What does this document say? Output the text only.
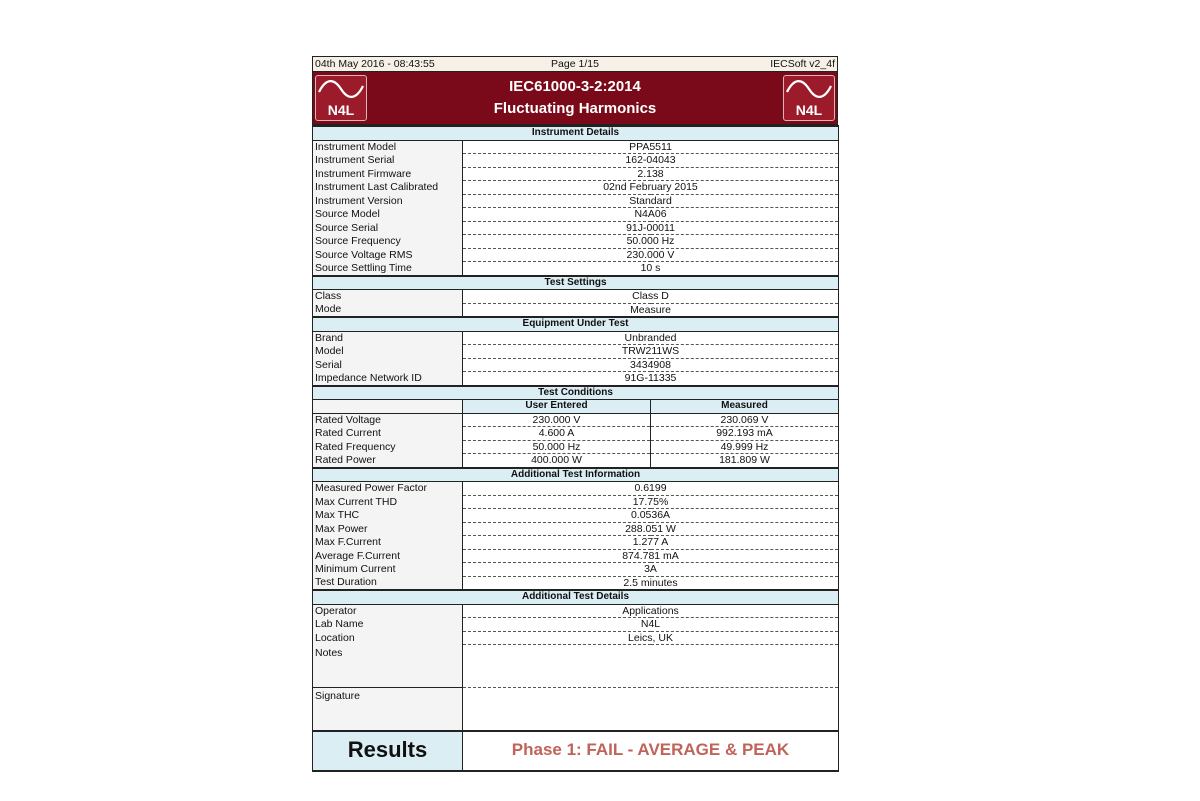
04th May 2016 - 08:43:55	Page 1/15	IECSoft v2_4f
N4L
IEC61000-3-2:2014
Fluctuating Harmonics	N4L
Instrument Details		
Instrument Model	PPA5511	
Instrument Serial	162-04043	
Instrument Firmware	2.138	
Instrument Last Calibrated	02nd February 2015	
Instrument Version	Standard	
Source Model	N4A06	
Source Serial	91J-00011	
Source Frequency	50.000 Hz	
Source Voltage RMS	230.000 V	
Source Settling Time	10 s	
Test Settings		
Class	Class D	
Mode	Measure	
Equipment Under Test		
Brand	Unbranded	
Model	TRW211WS	
Serial	3434908	
Impedance Network ID	91G-11335	
Test Conditions		
	User Entered	Measured
Rated Voltage	230.000 V	230.069 V
Rated Current	4.600 A	992.193 mA
Rated Frequency	50.000 Hz	49.999 Hz
Rated Power	400.000 W	181.809 W
Additional Test Information		
Measured Power Factor	0.6199	
Max Current THD	17.75%	
Max THC	0.0536A	
Max Power	288.051 W	
Max F.Current	1.277 A	
Average F.Current	874.781 mA	
Minimum Current	3A	
Test Duration	2.5 minutes	
Additional Test Details		
Operator	Applications	
Lab Name	N4L	
Location	Leics, UK	
Notes		
Signature		
Results	Phase 1: FAIL - AVERAGE & PEAK	
